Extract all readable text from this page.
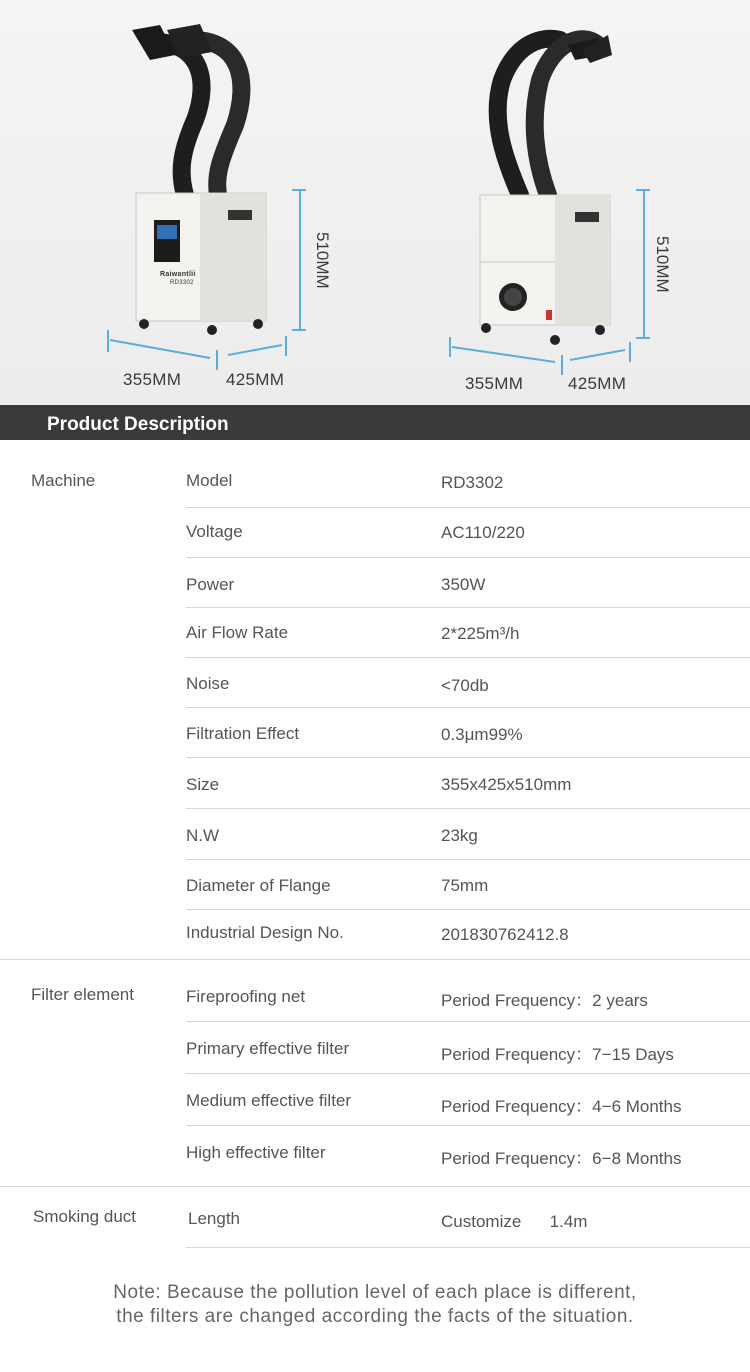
Raiwantlii
RD3302	510MM
355MM	425MM
510MM
355MM	425MM
Product Description
Machine	Model	RD3302
Voltage	AC110/220
Power	350W
Air Flow Rate	2*225m³/h
Noise	<70db
Filtration Effect	0.3μm99%
Size	355x425x510mm
N.W	23kg
Diameter of Flange	75mm
Industrial Design No.	201830762412.8
Filter element	Fireproofing net	Period Frequency：2 years
Primary effective filter	Period Frequency：7−15 Days
Medium effective filter	Period Frequency：4−6 Months
High effective filter	Period Frequency：6−8 Months
Smoking duct	Length	Customize      1.4m
Note: Because the pollution level of each place is different,
the filters are changed according the facts of the situation.
